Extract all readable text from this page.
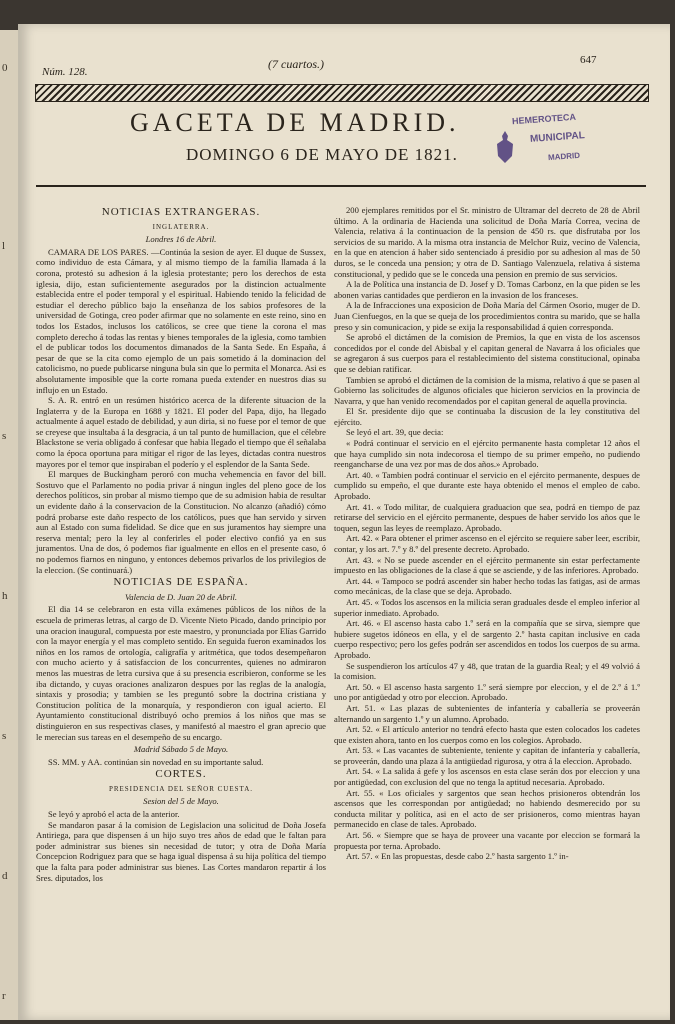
0
l
s
h
s
d
r
Núm. 128.
(7 cuartos.)	647
GACETA DE MADRID.
DOMINGO 6 DE MAYO DE 1821.
HEMEROTECA
MUNICIPAL
MADRID

NOTICIAS EXTRANGERAS.

INGLATERRA.

Londres 16 de Abril.

CAMARA DE LOS PARES. —Continúa la sesion de ayer. El duque de Sussex, como individuo de esta Cámara, y al mismo tiempo de la familia llamada á la corona, protestó su adhesion á la iglesia protestante; pero los derechos de esta iglesia, dijo, estan suficientemente asegurados por la distincion actualmente establecida entre el poder temporal y el espiritual. Habiendo tenido la felicidad de estudiar el derecho público bajo la enseñanza de los sabios profesores de la universidad de Gotinga, creo poder afirmar que no solamente en este reino, sino en todos los Estados, inclusos los católicos, se cree que tiene la corona el mas completo derecho á todas las rentas y bienes temporales de la iglesia, como tambien el de publicar todos los documentos dimanados de la Santa Sede. En España, á pesar de que se la cita como ejemplo de un pais sometido á la dominacion del catolicismo, no puede publicarse ninguna bula sin que lo permita el Monarca. Asi es absolutamente imposible que la corte romana pueda extender en nuestros dias su influjo en un Estado.

S. A. R. entró en un resúmen histórico acerca de la diferente situacion de la Inglaterra y de la Europa en 1688 y 1821. El poder del Papa, dijo, ha llegado actualmente á aquel estado de debilidad, y aun diria, si no fuese por el temor de que se creyese que insultaba á la desgracia, á un tal punto de humillacion, que el célebre Blackstone se veria obligado á confesar que habia llegado el tiempo que él señalaba como la época oportuna para mitigar el rigor de las leyes, dictadas contra nuestros mayores por el temor que inspiraban el poderío y el esplendor de la Santa Sede.

El marques de Buckingham peroró con mucha vehemencia en favor del bill. Sostuvo que el Parlamento no podia privar á ningun ingles del pleno goce de los derechos políticos, sin probar al mismo tiempo que de su admision habia de resultar un evidente daño á la conservacion de la Constitucion. No alcanzo (añadió) cómo podrá probarse este daño respecto de los católicos, pues que han servido y sirven aun al Estado con suma fidelidad. Se dice que en sus juramentos hay siempre una reserva mental; pero la ley al conferirles el poder electivo confió ya en sus juramentos. Una de dos, ó podemos fiar igualmente en ellos en el presente caso, ó no podemos fiarnos en ninguno, y entonces debemos privarlos de los privilegios de la eleccion. (Se continuará.)

NOTICIAS DE ESPAÑA.

Valencia de D. Juan 20 de Abril.

El dia 14 se celebraron en esta villa exámenes públicos de los niños de la escuela de primeras letras, al cargo de D. Vicente Nieto Picado, dando principio por una oracion inaugural, compuesta por este maestro, y pronunciada por Elías Garrido con la mayor energía y el mas completo sentido. En seguida fueron examinados los niños en los ramos de ortología, caligrafía y aritmética, que todos desempeñaron con mucho acierto y á satisfaccion de los concurrentes, quienes no admiraron menos las muestras de letra cursiva que á su presencia escribieron, conforme se les iba dictando, y cuyas oraciones analizaron despues por las reglas de la analogía, sintaxis y prosodia; y tambien se les preguntó sobre la doctrina cristiana y Constitucion política de la monarquía, y respondieron con igual acierto. El Ayuntamiento constitucional distribuyó ocho premios á los niños que mas se distinguieron en sus respectivas clases, y manifestó al maestro el gran aprecio que le merecian sus tareas en el desempeño de su encargo.

Madrid Sábado 5 de Mayo.

SS. MM. y AA. continúan sin novedad en su importante salud.

CORTES.

PRESIDENCIA DEL SEÑOR CUESTA.

Sesion del 5 de Mayo.

Se leyó y aprobó el acta de la anterior.

Se mandaron pasar á la comision de Legislacion una solicitud de Doña Josefa Antiriega, para que dispensen á un hijo suyo tres años de edad que le faltan para poder administrar sus bienes sin necesidad de tutor; y otra de Doña María Concepcion Rodriguez para que se haga igual dispensa á su hija política del tiempo que la falta para poder administrar sus bienes. Las Cortes mandaron repartir á los Sres. diputados, los

200 ejemplares remitidos por el Sr. ministro de Ultramar del decreto de 28 de Abril último. A la ordinaria de Hacienda una solicitud de Doña María Correa, vecina de Valencia, relativa á la continuacion de la pension de 450 rs. que disfrutaba por los servicios de su marido. A la misma otra instancia de Melchor Ruiz, vecino de Valencia, en la que en atencion á haber sido sentenciado á presidio por su adhesion al mas de 50 duros, se le conceda una pension; y otra de D. Santiago Valenzuela, relativa á sistema constitucional, y pedido que se le conceda una pension en premio de sus servicios.

A la de Política una instancia de D. Josef y D. Tomas Carbonz, en la que piden se les abonen varias cantidades que perdieron en la invasion de los franceses.

A la de Infracciones una exposicion de Doña María del Cármen Osorio, muger de D. Juan Cienfuegos, en la que se queja de los procedimientos contra su marido, que se halla preso y sin comunicacion, y pide se exija la responsabilidad á quien corresponda.

Se aprobó el dictámen de la comision de Premios, la que en vista de los ascensos concedidos por el conde del Abisbal y el capitan general de Navarra á los oficiales que se agregaron á sus cuerpos para el restablecimiento del sistema constitucional, opinaba que se debian ratificar.

Tambien se aprobó el dictámen de la comision de la misma, relativo á que se pasen al Gobierno las solicitudes de algunos oficiales que hicieron servicios en la provincia de Navarra, y que han venido recomendados por el capitan general de aquella provincia.

El Sr. presidente dijo que se continuaba la discusion de la ley constitutiva del ejército.

Se leyó el art. 39, que decia:

« Podrá continuar el servicio en el ejército permanente hasta completar 12 años el que haya cumplido sin nota indecorosa el tiempo de su primer empeño, no pudiendo reengancharse de una vez por mas de dos años.» Aprobado.

Art. 40. « Tambien podrá continuar el servicio en el ejército permanente, despues de cumplido su empeño, el que durante este haya obtenido el menos el empleo de cabo. Aprobado.

Art. 41. « Todo militar, de cualquiera graduacion que sea, podrá en tiempo de paz retirarse del servicio en el ejército permanente, despues de haber servido los años que le toquen, segun las leyes de reemplazo. Aprobado.

Art. 42. « Para obtener el primer ascenso en el ejército se requiere saber leer, escribir, contar, y los art. 7.º y 8.º del presente decreto. Aprobado.

Art. 43. « No se puede ascender en el ejército permanente sin estar perfectamente impuesto en las obligaciones de la clase á que se asciende, y de las inferiores. Aprobado.

Art. 44. « Tampoco se podrá ascender sin haber hecho todas las fatigas, asi de armas como mecánicas, de la clase que se deja. Aprobado.

Art. 45. « Todos los ascensos en la milicia seran graduales desde el empleo inferior al superior inmediato. Aprobado.

Art. 46. « El ascenso hasta cabo 1.º será en la compañía que se sirva, siempre que hubiere sugetos idóneos en ella, y el de sargento 2.º hasta capitan inclusive en cada cuerpo respectivo; pero los gefes podrán ser ascendidos en todos los cuerpos de su arma. Aprobado.

Se suspendieron los artículos 47 y 48, que tratan de la guardia Real; y el 49 volvió á la comision.

Art. 50. « El ascenso hasta sargento 1.º será siempre por eleccion, y el de 2.º á 1.º uno por antigüedad y otro por eleccion. Aprobado.

Art. 51. « Las plazas de subtenientes de infantería y caballería se proveerán alternando un sargento 1.º y un alumno. Aprobado.

Art. 52. « El artículo anterior no tendrá efecto hasta que esten colocados los cadetes que existen ahora, tanto en los cuerpos como en los colegios. Aprobado.

Art. 53. « Las vacantes de subteniente, teniente y capitan de infantería y caballería, se proveerán, dando una plaza á la antigüedad rigurosa, y otra á la eleccion. Aprobado.

Art. 54. « La salida á gefe y los ascensos en esta clase serán dos por eleccion y una por antigüedad, con exclusion del que no tenga la aptitud necesaria. Aprobado.

Art. 55. « Los oficiales y sargentos que sean hechos prisioneros obtendrán los ascensos que les correspondan por antigüedad; no habiendo desmerecido por su conducta militar y política, asi en el acto de ser prisioneros, como mientras hayan permanecido en clase de tales. Aprobado.

Art. 56. « Siempre que se haya de proveer una vacante por eleccion se formará la propuesta por terna. Aprobado.

Art. 57. « En las propuestas, desde cabo 2.º hasta sargento 1.º in-
